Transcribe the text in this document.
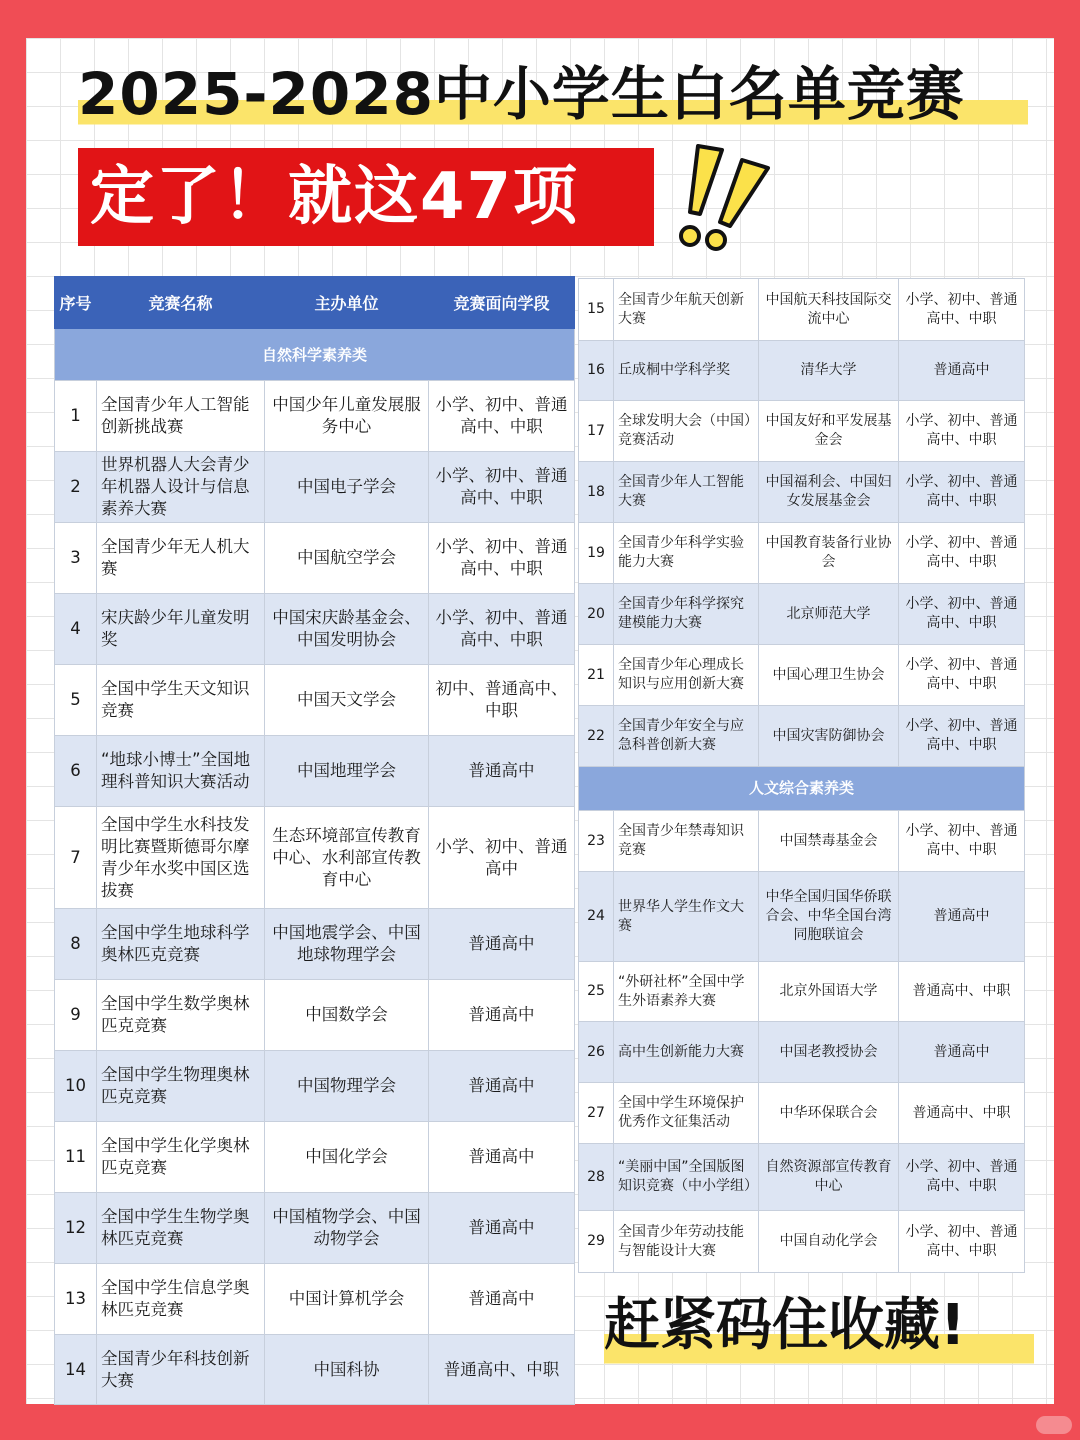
2025-2028中小学生白名单竞赛
定了！就这47项
序号	竞赛名称	主办单位	竞赛面向学段
自然科学素养类			
1	全国青少年人工智能创新挑战赛	中国少年儿童发展服务中心	小学、初中、普通高中、中职
2	世界机器人大会青少年机器人设计与信息素养大赛	中国电子学会	小学、初中、普通高中、中职
3	全国青少年无人机大赛	中国航空学会	小学、初中、普通高中、中职
4	宋庆龄少年儿童发明奖	中国宋庆龄基金会、中国发明协会	小学、初中、普通高中、中职
5	全国中学生天文知识竞赛	中国天文学会	初中、普通高中、中职
6	“地球小博士”全国地理科普知识大赛活动	中国地理学会	普通高中
7	全国中学生水科技发明比赛暨斯德哥尔摩青少年水奖中国区选拔赛	生态环境部宣传教育中心、水利部宣传教育中心	小学、初中、普通高中
8	全国中学生地球科学奥林匹克竞赛	中国地震学会、中国地球物理学会	普通高中
9	全国中学生数学奥林匹克竞赛	中国数学会	普通高中
10	全国中学生物理奥林匹克竞赛	中国物理学会	普通高中
11	全国中学生化学奥林匹克竞赛	中国化学会	普通高中
12	全国中学生生物学奥林匹克竞赛	中国植物学会、中国动物学会	普通高中
13	全国中学生信息学奥林匹克竞赛	中国计算机学会	普通高中
14	全国青少年科技创新大赛	中国科协	普通高中、中职
15	全国青少年航天创新大赛	中国航天科技国际交流中心	小学、初中、普通高中、中职
16	丘成桐中学科学奖	清华大学	普通高中
17	全球发明大会（中国）竞赛活动	中国友好和平发展基金会	小学、初中、普通高中、中职
18	全国青少年人工智能大赛	中国福利会、中国妇女发展基金会	小学、初中、普通高中、中职
19	全国青少年科学实验能力大赛	中国教育装备行业协会	小学、初中、普通高中、中职
20	全国青少年科学探究建模能力大赛	北京师范大学	小学、初中、普通高中、中职
21	全国青少年心理成长知识与应用创新大赛	中国心理卫生协会	小学、初中、普通高中、中职
22	全国青少年安全与应急科普创新大赛	中国灾害防御协会	小学、初中、普通高中、中职
人文综合素养类			
23	全国青少年禁毒知识竞赛	中国禁毒基金会	小学、初中、普通高中、中职
24	世界华人学生作文大赛	中华全国归国华侨联合会、中华全国台湾同胞联谊会	普通高中
25	“外研社杯”全国中学生外语素养大赛	北京外国语大学	普通高中、中职
26	高中生创新能力大赛	中国老教授协会	普通高中
27	全国中学生环境保护优秀作文征集活动	中华环保联合会	普通高中、中职
28	“美丽中国”全国版图知识竞赛（中小学组）	自然资源部宣传教育中心	小学、初中、普通高中、中职
29	全国青少年劳动技能与智能设计大赛	中国自动化学会	小学、初中、普通高中、中职
赶紧码住收藏!
